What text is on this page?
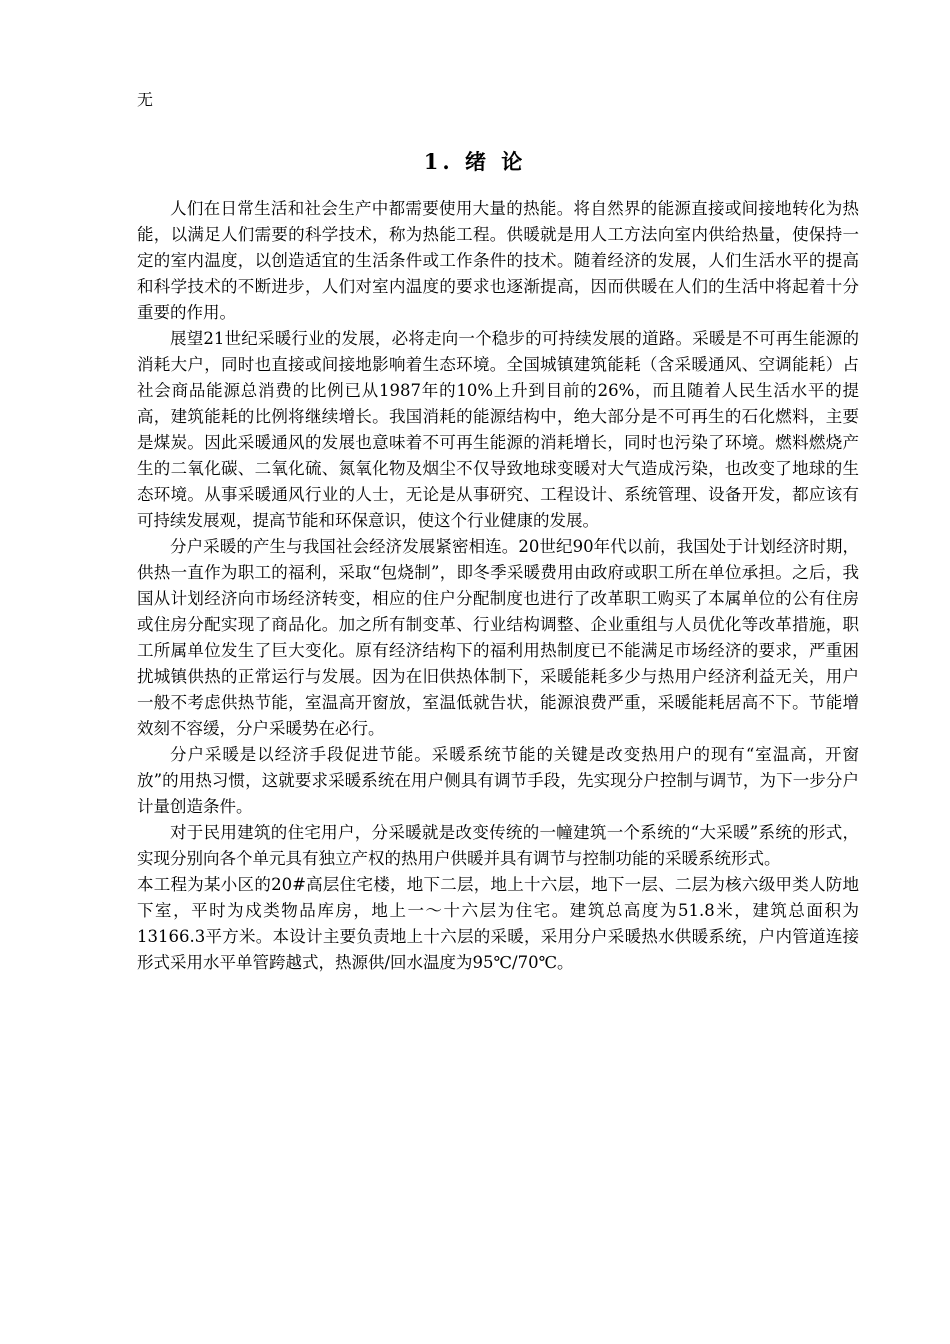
无
1. 绪 论

人们在日常生活和社会生产中都需要使用大量的热能。将自然界的能源直接或间接地转化为热能，以满足人们需要的科学技术，称为热能工程。供暖就是用人工方法向室内供给热量，使保持一定的室内温度，以创造适宜的生活条件或工作条件的技术。随着经济的发展，人们生活水平的提高和科学技术的不断进步，人们对室内温度的要求也逐渐提高，因而供暖在人们的生活中将起着十分重要的作用。

展望21世纪采暖行业的发展，必将走向一个稳步的可持续发展的道路。采暖是不可再生能源的消耗大户，同时也直接或间接地影响着生态环境。全国城镇建筑能耗（含采暖通风、空调能耗）占社会商品能源总消费的比例已从1987年的10%上升到目前的26%，而且随着人民生活水平的提高，建筑能耗的比例将继续增长。我国消耗的能源结构中，绝大部分是不可再生的石化燃料，主要是煤炭。因此采暖通风的发展也意味着不可再生能源的消耗增长，同时也污染了环境。燃料燃烧产生的二氧化碳、二氧化硫、氮氧化物及烟尘不仅导致地球变暖对大气造成污染，也改变了地球的生态环境。从事采暖通风行业的人士，无论是从事研究、工程设计、系统管理、设备开发，都应该有可持续发展观，提高节能和环保意识，使这个行业健康的发展。

分户采暖的产生与我国社会经济发展紧密相连。20世纪90年代以前，我国处于计划经济时期，供热一直作为职工的福利，采取“包烧制”，即冬季采暖费用由政府或职工所在单位承担。之后，我国从计划经济向市场经济转变，相应的住户分配制度也进行了改革职工购买了本属单位的公有住房或住房分配实现了商品化。加之所有制变革、行业结构调整、企业重组与人员优化等改革措施，职工所属单位发生了巨大变化。原有经济结构下的福利用热制度已不能满足市场经济的要求，严重困扰城镇供热的正常运行与发展。因为在旧供热体制下，采暖能耗多少与热用户经济利益无关，用户一般不考虑供热节能，室温高开窗放，室温低就告状，能源浪费严重，采暖能耗居高不下。节能增效刻不容缓，分户采暖势在必行。

分户采暖是以经济手段促进节能。采暖系统节能的关键是改变热用户的现有“室温高，开窗放”的用热习惯，这就要求采暖系统在用户侧具有调节手段，先实现分户控制与调节，为下一步分户计量创造条件。

对于民用建筑的住宅用户，分采暖就是改变传统的一幢建筑一个系统的“大采暖”系统的形式，实现分别向各个单元具有独立产权的热用户供暖并具有调节与控制功能的采暖系统形式。

本工程为某小区的20#高层住宅楼，地下二层，地上十六层，地下一层、二层为核六级甲类人防地下室，平时为戍类物品库房，地上一～十六层为住宅。建筑总高度为51.8米，建筑总面积为13166.3平方米。本设计主要负责地上十六层的采暖，采用分户采暖热水供暖系统，户内管道连接形式采用水平单管跨越式，热源供/回水温度为95℃/70℃。
